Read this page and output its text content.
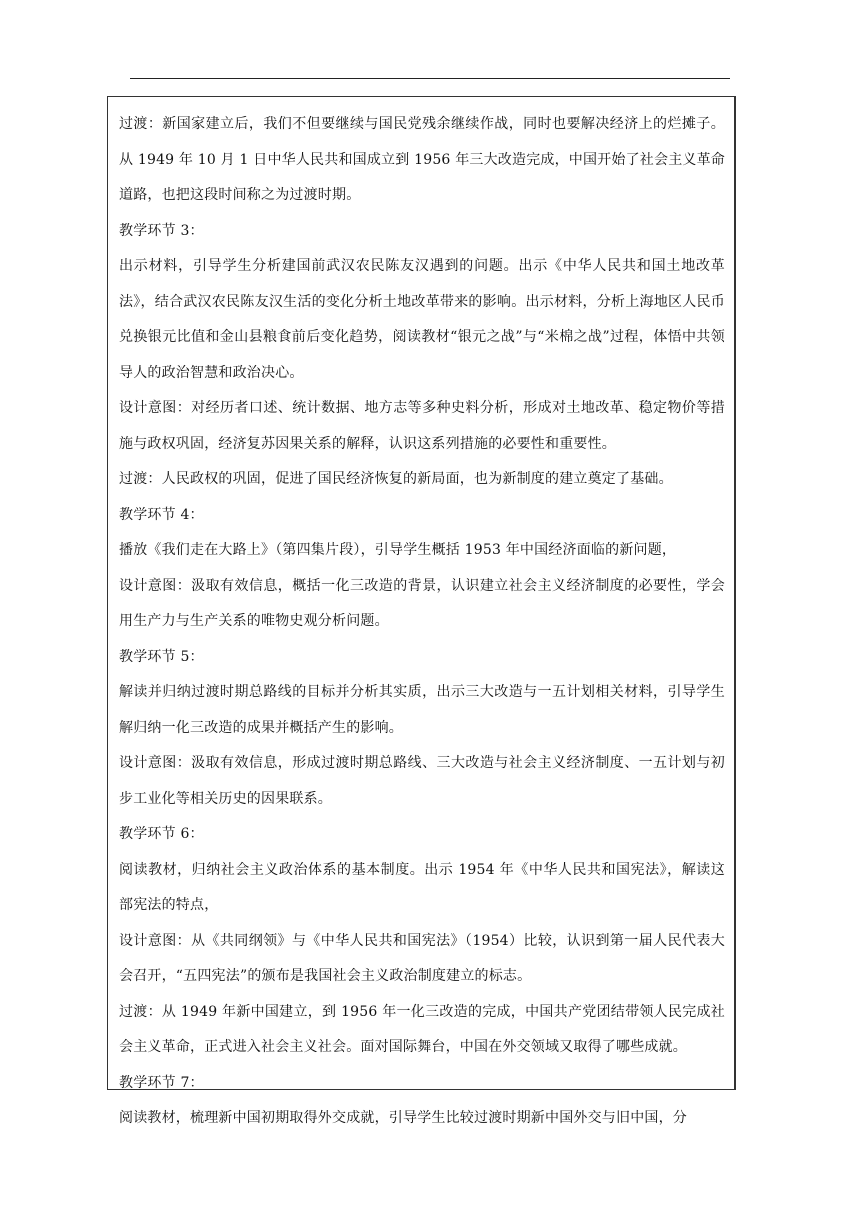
过渡：新国家建立后，我们不但要继续与国民党残余继续作战，同时也要解决经济上的烂摊子。从 1949 年 10 月 1 日中华人民共和国成立到 1956 年三大改造完成，中国开始了社会主义革命道路，也把这段时间称之为过渡时期。

教学环节 3：

出示材料，引导学生分析建国前武汉农民陈友汉遇到的问题。出示《中华人民共和国土地改革法》，结合武汉农民陈友汉生活的变化分析土地改革带来的影响。出示材料，分析上海地区人民币兑换银元比值和金山县粮食前后变化趋势，阅读教材“银元之战”与“米棉之战”过程，体悟中共领导人的政治智慧和政治决心。

设计意图：对经历者口述、统计数据、地方志等多种史料分析，形成对土地改革、稳定物价等措施与政权巩固，经济复苏因果关系的解释，认识这系列措施的必要性和重要性。

过渡：人民政权的巩固，促进了国民经济恢复的新局面，也为新制度的建立奠定了基础。

教学环节 4：

播放《我们走在大路上》（第四集片段），引导学生概括 1953 年中国经济面临的新问题，

设计意图：汲取有效信息，概括一化三改造的背景，认识建立社会主义经济制度的必要性，学会用生产力与生产关系的唯物史观分析问题。

教学环节 5：

解读并归纳过渡时期总路线的目标并分析其实质，出示三大改造与一五计划相关材料，引导学生解归纳一化三改造的成果并概括产生的影响。

设计意图：汲取有效信息，形成过渡时期总路线、三大改造与社会主义经济制度、一五计划与初步工业化等相关历史的因果联系。

教学环节 6：

阅读教材，归纳社会主义政治体系的基本制度。出示 1954 年《中华人民共和国宪法》，解读这部宪法的特点，

设计意图：从《共同纲领》与《中华人民共和国宪法》（1954）比较，认识到第一届人民代表大会召开，“五四宪法”的颁布是我国社会主义政治制度建立的标志。

过渡：从 1949 年新中国建立，到 1956 年一化三改造的完成，中国共产党团结带领人民完成社会主义革命，正式进入社会主义社会。面对国际舞台，中国在外交领域又取得了哪些成就。

教学环节 7：

阅读教材，梳理新中国初期取得外交成就，引导学生比较过渡时期新中国外交与旧中国，分
